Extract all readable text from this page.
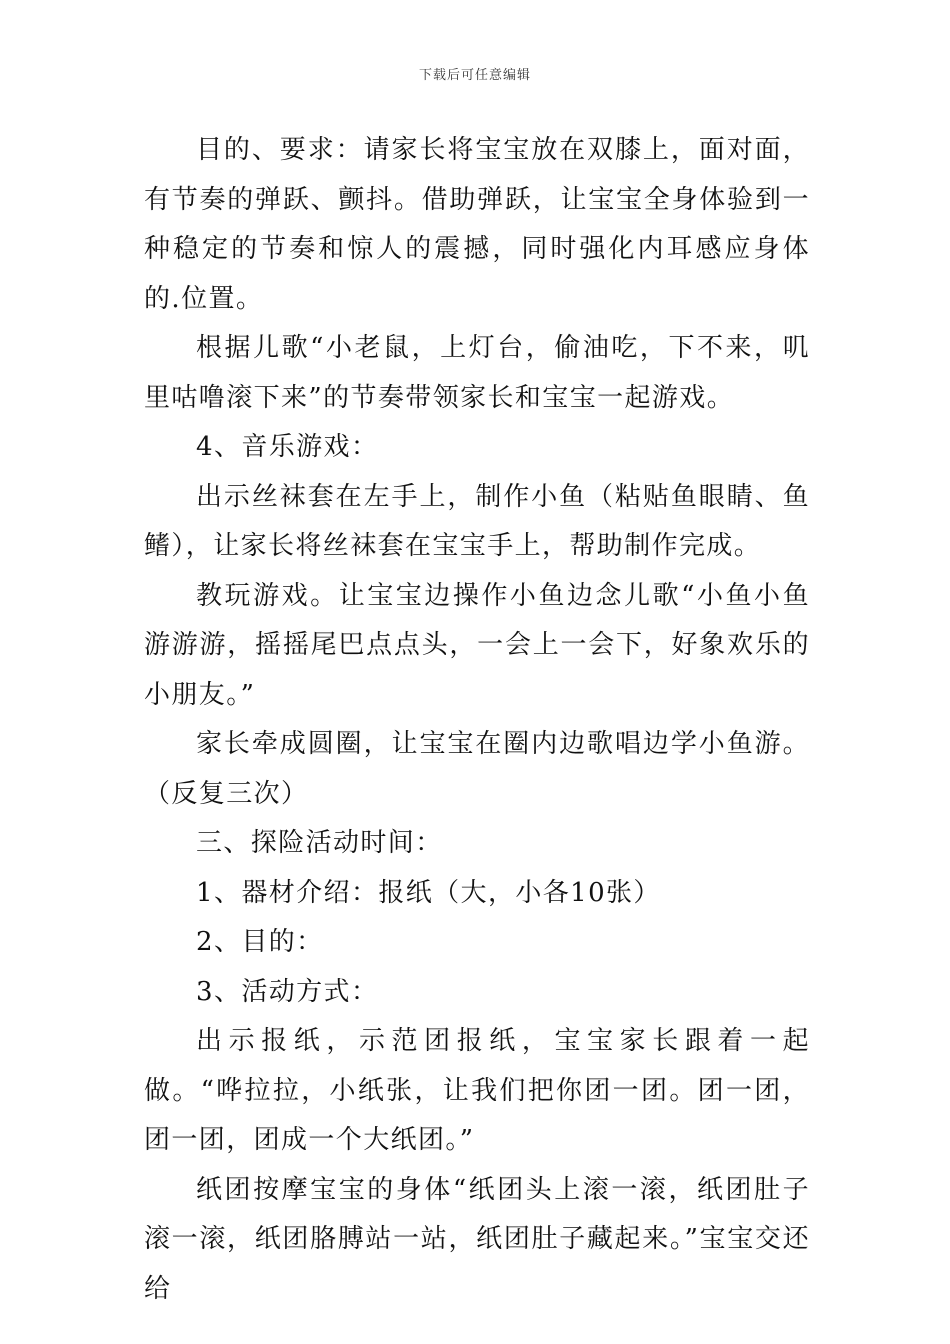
下载后可任意编辑

目的、要求：请家长将宝宝放在双膝上，面对面，有节奏的弹跃、颤抖。借助弹跃，让宝宝全身体验到一种稳定的节奏和惊人的震撼，同时强化内耳感应身体的.位置。

根据儿歌“小老鼠，上灯台，偷油吃，下不来，叽里咕噜滚下来”的节奏带领家长和宝宝一起游戏。

4、音乐游戏：

出示丝袜套在左手上，制作小鱼（粘贴鱼眼睛、鱼鳍），让家长将丝袜套在宝宝手上，帮助制作完成。

教玩游戏。让宝宝边操作小鱼边念儿歌“小鱼小鱼游游游，摇摇尾巴点点头，一会上一会下，好象欢乐的小朋友。”

家长牵成圆圈，让宝宝在圈内边歌唱边学小鱼游。（反复三次）

三、探险活动时间：

1、器材介绍：报纸（大，小各10张）

2、目的：

3、活动方式：

出示报纸，示范团报纸，宝宝家长跟着一起做。“哗拉拉，小纸张，让我们把你团一团。团一团，团一团，团成一个大纸团。”

纸团按摩宝宝的身体“纸团头上滚一滚，纸团肚子滚一滚，纸团胳膊站一站，纸团肚子藏起来。”宝宝交还给
